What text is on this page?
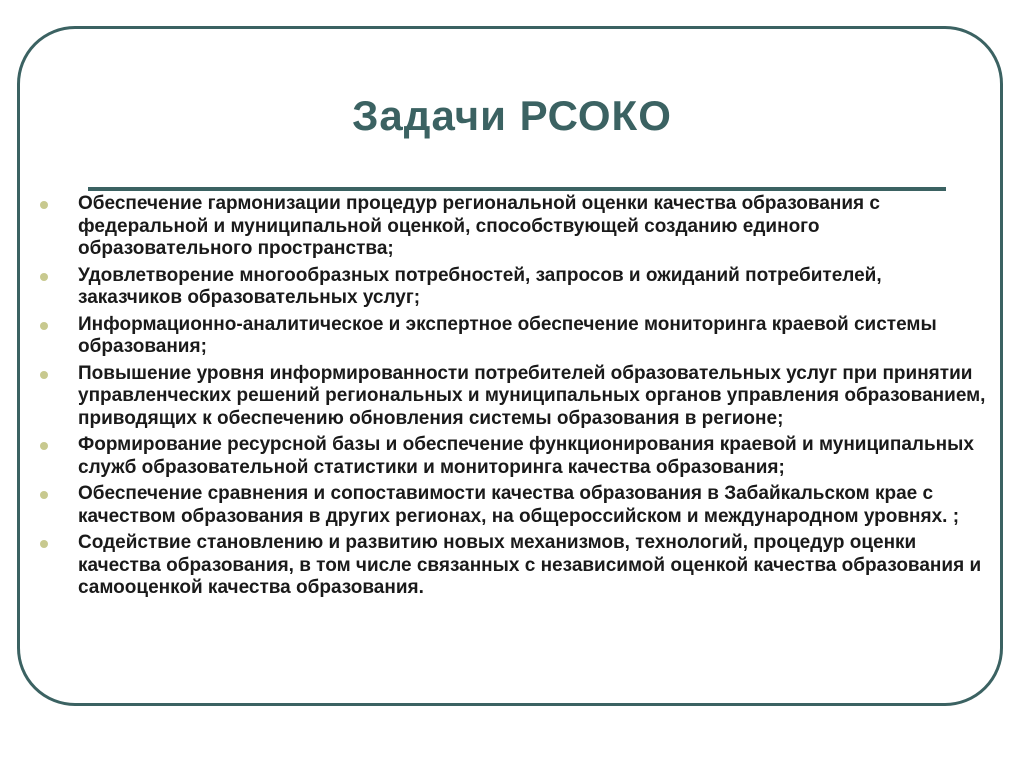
Задачи РСОКО
Обеспечение гармонизации процедур региональной оценки качества образования с федеральной и муниципальной оценкой, способствующей созданию единого образовательного пространства;
Удовлетворение многообразных потребностей, запросов и ожиданий потребителей, заказчиков образовательных услуг;
Информационно-аналитическое и экспертное обеспечение мониторинга краевой системы образования;
Повышение уровня информированности потребителей образовательных услуг при принятии управленческих решений региональных и муниципальных органов управления образованием, приводящих к обеспечению обновления системы образования в регионе;
Формирование ресурсной базы и обеспечение функционирования краевой и муниципальных служб образовательной статистики и мониторинга качества образования;
Обеспечение сравнения и сопоставимости качества образования в Забайкальском крае с качеством образования в других регионах, на общероссийском и международном уровнях. ;
Содействие становлению и развитию новых механизмов, технологий, процедур оценки качества образования, в том числе связанных с независимой оценкой качества образования и самооценкой качества образования.
